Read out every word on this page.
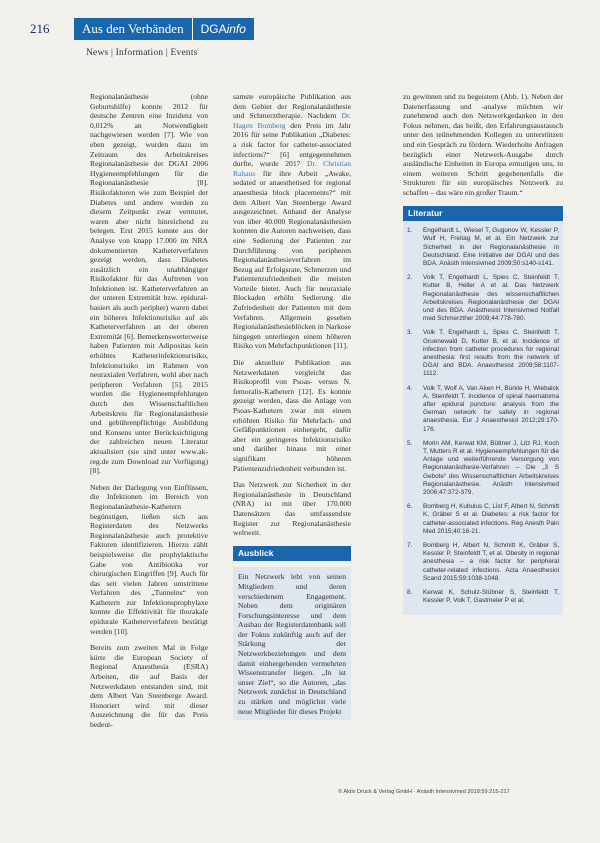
216	Aus den Verbänden	DGAinfo
News | Information | Events

Regionalanästhesie (ohne Geburtshilfe) konnte 2012 für deutsche Zentren eine Inzidenz von 0,012% an Notwendigkeit nachgewiesen werden [7]. Wie von eben gezeigt, wurden dazu im Zeitraum des Arbeitskreises Regionalanästhesie der DGAI 2006 Hygieneempfehlungen für die Regionalanästhesie [8]. Risikofaktoren wie zum Beispiel der Diabetes und andere wurden zu diesem Zeitpunkt zwar vermutet, waren aber nicht hinreichend zu belegen. Erst 2015 konnte aus der Analyse von knapp 17.000 im NRA dokumentierten Katheterverfahren gezeigt werden, dass Diabetes zusätzlich ein unabhängiger Risikofaktor für das Auftreten von Infektionen ist. Katheterverfahren an der unteren Extremität bzw. epidural-basiert als auch peripher) waren dabei ein höheres Infektionsrisiko auf als Katheterverfahren an der oberen Extremität [6]. Bemerkenswerterweise haben Patienten mit Adipositas kein erhöhtes Katheterinfektionsrisiko, Infektionsrisiko im Rahmen von neuraxialen Verfahren, wohl aber nach peripheren Verfahren [5]. 2015 wurden die Hygieneempfehlungen durch den Wissenschaftlichen Arbeitskreis für Regionalanästhesie und gebührenpflichtige Ausbildung und Konsens unter Berücksichtigung der zahlreichen neuen Literatur aktualisiert (sie sind unter www.ak-reg.de zum Download zur Verfügung) [8].

Neben der Darlegung von Einflüssen, die Infektionen im Bereich von Regionalanästhesie-Kathetern begünstigen, ließen sich aus Registerdaten des Netzwerks Regionalanästhesie auch protektive Faktoren identifizieren. Hierzu zählt beispielsweise die prophylaktische Gabe von Antibiotika vor chirurgischen Eingriffen [9]. Auch für das seit vielen Jahren umstrittene Verfahren des „Tunnelns“ von Kathetern zur Infektionsprophylaxe konnte die Effektivität für thorakale epidurale Katheterverfahren bestätigt werden [10].

Bereits zum zweiten Mal in Folge kürte die European Society of Regional Anaesthesia (ESRA) Arbeiten, die auf Basis der Netzwerkdaten entstanden sind, mit dem Albert Van Steenberge Award. Honoriert wird mit dieser Auszeichnung die für das Preis bedeut-

samste europäische Publikation aus dem Gebiet der Regionalanästhesie und Schmerztherapie. Nachdem Dr. Hagen Bomberg den Preis im Jahr 2016 für seine Publikation „Diabetes: a risk factor for catheter-associated infections?“ [6] entgegennehmen durfte, wurde 2017 Dr. Christian Rahaus für ihre Arbeit „Awake, sedated or anaesthetised for regional anaesthesia block placements?“ mit dem Albert Van Steenberge Award ausgezeichnet. Anhand der Analyse von über 40.000 Regionalanästhesien konnten die Autoren nachweisen, dass eine Sedierung der Patienten zur Durchführung von peripheren Regionalanästhesieverfahren im Bezug auf Erfolgsrate, Schmerzen und Patientenzufriedenheit die meisten Vorteile bietet. Auch für neuraxiale Blockaden erhöht Sedierung die Zufriedenheit der Patienten mit dem Verfahren. Allgemein gesehen Regionalanästhesieblöcken in Narkose hingegen unterliegen einem höheren Risiko von Mehrfachpunktionen [11].

Die aktuellste Publikation aus Netzwerkdaten vergleicht das Risikoprofil von Psoas- versus N. femoralis-Kathetern [12]. Es konnte gezeigt werden, dass die Anlage von Psoas-Kathetern zwar mit einem erhöhten Risiko für Mehrfach- und Gefäßpunktionen einhergeht, dafür aber ein geringeres Infektionsrisiko und darüber hinaus mit einer signifikant höheren Patientenzufriedenheit verbunden ist.

Das Netzwerk zur Sicherheit in der Regionalanästhesie in Deutschland (NRA) ist mit über 170.000 Datensätzen das umfassendste Register zur Regionalanästhesie weltweit.

Ausblick

Ein Netzwerk lebt von seinen Mitgliedern und deren verschiedenem Engagement. Neben dem originären Forschungsinteresse und dem Ausbau der Registerdatenbank soll der Fokus zukünftig auch auf der Stärkung der Netzwerkbeziehungen und dem damit einhergehenden vermehrten Wissenstransfer liegen. „In ist unser Ziel“, so die Autoren, „das Netzwerk zunächst in Deutschland zu stärken und möglichst viele neue Mitglieder für dieses Projekt

zu gewinnen und zu begeistern (Abb. 1). Neben der Datenerfassung und -analyse möchten wir zunehmend auch den Netzwerkgedanken in den Fokus nehmen, das heißt, den Erfahrungsaustausch unter den teilnehmenden Kollegen zu unterstützen und ein Gespräch zu fördern. Wiederholte Anfragen bezüglich einer Netzwerk-Ausgabe durch ausländische Einheiten in Europa ermutigen uns, in einem weiteren Schritt gegebenenfalls die Strukturen für ein europäisches Netzwerk zu schaffen – das wäre ein großer Traum.“

Literatur
1.	Engelhardt L, Wiesel T, Gugonov W, Kessler P, Wulf H, Freitag M, et al. Ein Netzwerk zur Sicherheit in der Regionalanästhesie in Deutschland. Eine Initiative der DGAI und des BDA. Anästh Intensivmed 2009;50:s140-s141.
2.	Volk T, Engelhardt L, Spies C, Steinfeldt T, Kutter B, Heller A et al. Das Netzwerk Regionalanästhesie des wissenschaftlichen Arbeitskreises Regionalanästhesie der DGAI und des BDA. Anästhesist Intensivmed Notfall med Schmerzther 2009;44:778-780.
3.	Volk T, Engelhardt L, Spies C, Steinfeldt T, Gruenewald D, Kutter B, et al. Incidence of infection from catheter procedures for regional anesthesia: first results from the network of DGAI and BDA. Anaesthesist 2009;58:1107-1112.
4.	Volk T, Wolf A, Van Aken H, Bürkle H, Wiebalck A, Steinfeldt T. Incidence of spinal haematoma after epidural puncture: analysis from the German network for safety in regional anaesthesia. Eur J Anaesthesiol 2012;29:170-176.
5.	Morin AM, Kerwat KM, Büttner J, Litz RJ, Koch T, Mutters R et al. Hygieneempfehlungen für die Anlage und weiterführende Versorgung von Regionalanästhesie-Verfahren – Die „3 S Gebote“ des Wissenschaftlichen Arbeitskreises Regionalanästhesie. Anästh Intensivmed 2006;47:372-379.
6.	Bomberg H, Kubulus C, List F, Albert N, Schmitt K, Gräber S et al. Diabetes: a risk factor for catheter-associated infections. Reg Anesth Pain Med 2015;40:16-21.
7.	Bomberg H, Albert N, Schmitt K, Gräber S, Kessler P, Steinfeldt T, et al. Obesity in regional anesthesia – a risk factor for peripheral catheter-related infections. Acta Anaesthesiol Scand 2015;59:1038-1048.
8.	Kerwat K, Schulz-Stübner S, Steinfeldt T, Kessler P, Volk T, Gastmeier P et al.
© Aktiv Druck & Verlag GmbH · Anästh Intensivmed 2018;59:215-217
